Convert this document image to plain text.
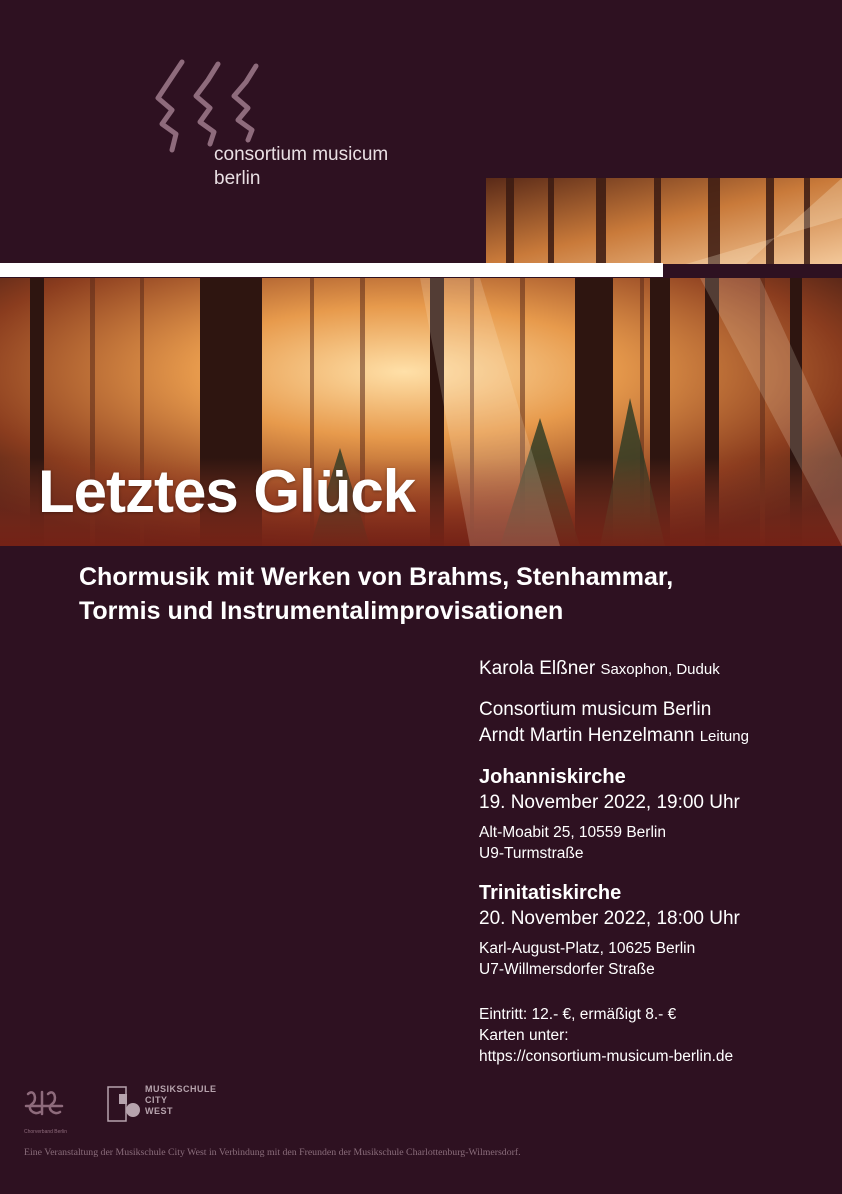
consortium musicum
berlin
Letztes Glück
Chormusik mit Werken von Brahms, Stenhammar,
Tormis und Instrumentalimprovisationen
Karola Elßner Saxophon, Duduk
Consortium musicum Berlin
Arndt Martin Henzelmann Leitung
Johanniskirche
19. November 2022, 19:00 Uhr
Alt-Moabit 25, 10559 Berlin
U9-Turmstraße
Trinitatiskirche
20. November 2022, 18:00 Uhr
Karl-August-Platz, 10625 Berlin
U7-Willmersdorfer Straße
Eintritt: 12.- €, ermäßigt 8.- €
Karten unter:
https://consortium-musicum-berlin.de
Chorverband Berlin
MUSIKSCHULE
CITY
WEST
Eine Veranstaltung der Musikschule City West in Verbindung mit den Freunden der Musikschule Charlottenburg-Wilmersdorf.
